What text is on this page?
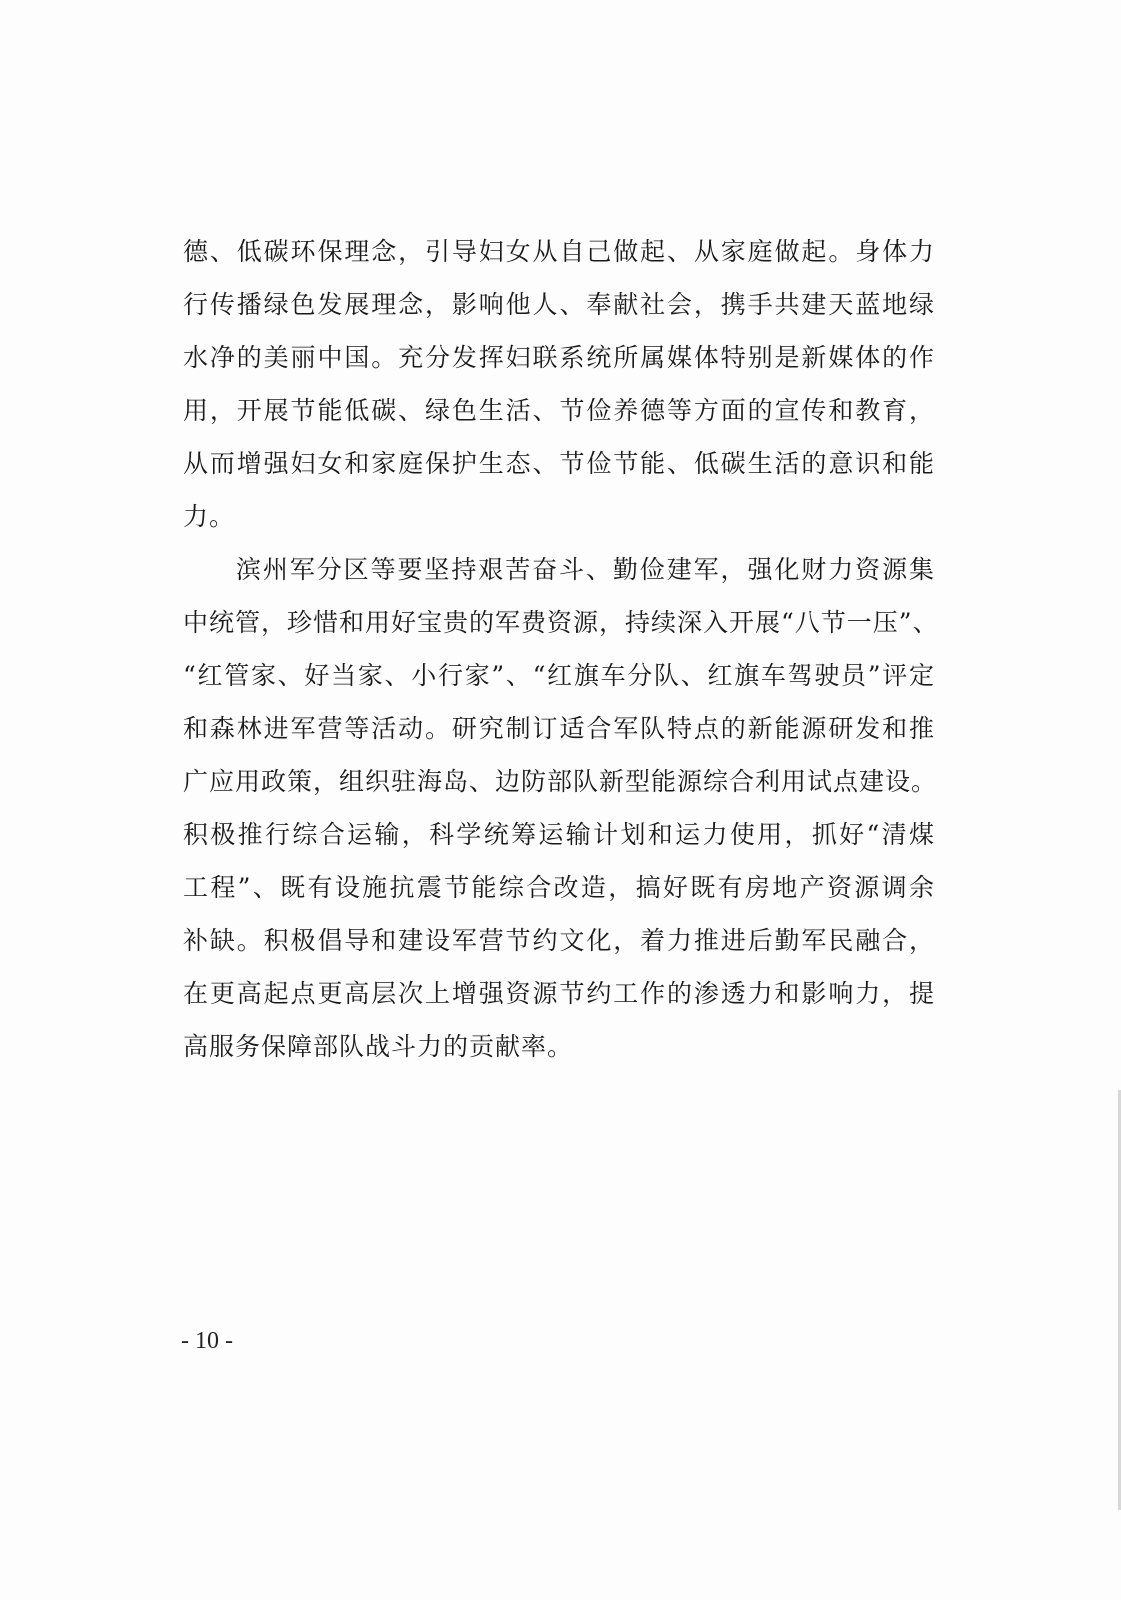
德、低碳环保理念，引导妇女从自己做起、从家庭做起。身体力
行传播绿色发展理念，影响他人、奉献社会，携手共建天蓝地绿
水净的美丽中国。充分发挥妇联系统所属媒体特别是新媒体的作
用，开展节能低碳、绿色生活、节俭养德等方面的宣传和教育，
从而增强妇女和家庭保护生态、节俭节能、低碳生活的意识和能
力。
滨州军分区等要坚持艰苦奋斗、勤俭建军，强化财力资源集
中统管，珍惜和用好宝贵的军费资源，持续深入开展“八节一压”、
“红管家、好当家、小行家”、“红旗车分队、红旗车驾驶员”评定
和森林进军营等活动。研究制订适合军队特点的新能源研发和推
广应用政策，组织驻海岛、边防部队新型能源综合利用试点建设。
积极推行综合运输，科学统筹运输计划和运力使用，抓好“清煤
工程”、既有设施抗震节能综合改造，搞好既有房地产资源调余
补缺。积极倡导和建设军营节约文化，着力推进后勤军民融合，
在更高起点更高层次上增强资源节约工作的渗透力和影响力，提
高服务保障部队战斗力的贡献率。
- 10 -
